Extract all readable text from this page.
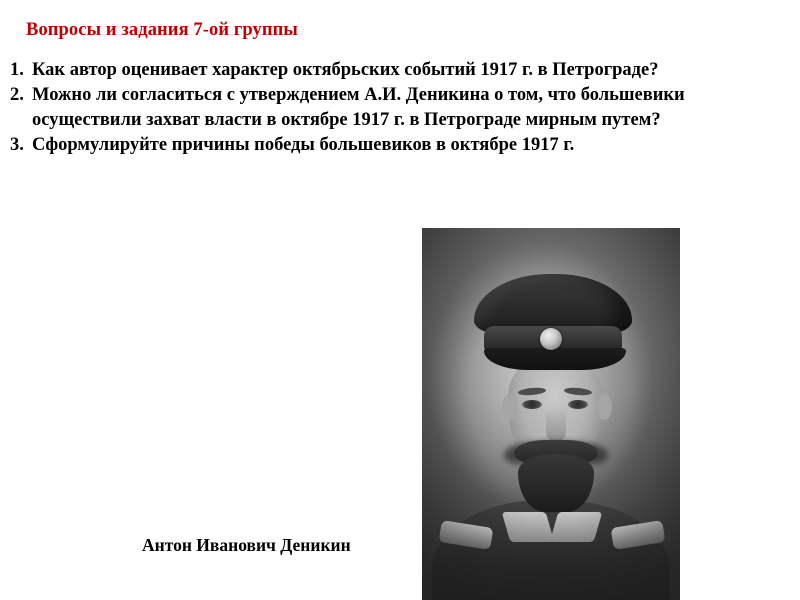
Вопросы и задания 7-ой группы
1. Как автор оценивает характер октябрьских событий 1917 г. в Петрограде?
2. Можно ли согласиться с утверждением А.И. Деникина о том, что большевики осуществили захват власти в октябре 1917 г. в Петрограде мирным путем?
3. Сформулируйте причины победы большевиков в октябре 1917 г.
Антон Иванович Деникин
